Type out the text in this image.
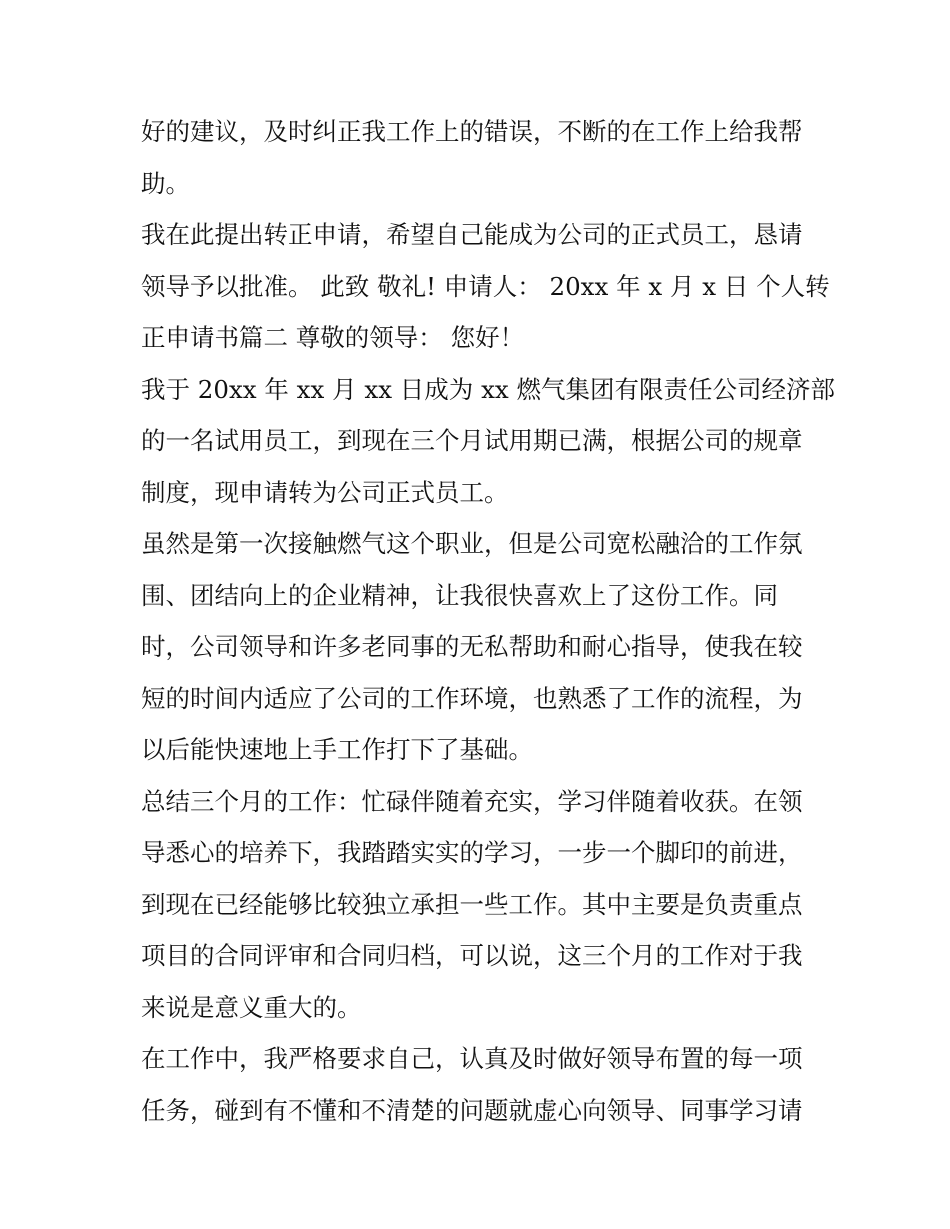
好的建议，及时纠正我工作上的错误，不断的在工作上给我帮
助。
我在此提出转正申请，希望自己能成为公司的正式员工，恳请
领导予以批准。 此致 敬礼! 申请人： 20xx 年 x 月 x 日 个人转
正申请书篇二 尊敬的领导： 您好！
我于 20xx 年 xx 月 xx 日成为 xx 燃气集团有限责任公司经济部
的一名试用员工，到现在三个月试用期已满，根据公司的规章
制度，现申请转为公司正式员工。
虽然是第一次接触燃气这个职业，但是公司宽松融洽的工作氛
围、团结向上的企业精神，让我很快喜欢上了这份工作。同
时，公司领导和许多老同事的无私帮助和耐心指导，使我在较
短的时间内适应了公司的工作环境，也熟悉了工作的流程，为
以后能快速地上手工作打下了基础。
总结三个月的工作：忙碌伴随着充实，学习伴随着收获。在领
导悉心的培养下，我踏踏实实的学习，一步一个脚印的前进，
到现在已经能够比较独立承担一些工作。其中主要是负责重点
项目的合同评审和合同归档，可以说，这三个月的工作对于我
来说是意义重大的。
在工作中，我严格要求自己，认真及时做好领导布置的每一项
任务，碰到有不懂和不清楚的问题就虚心向领导、同事学习请
